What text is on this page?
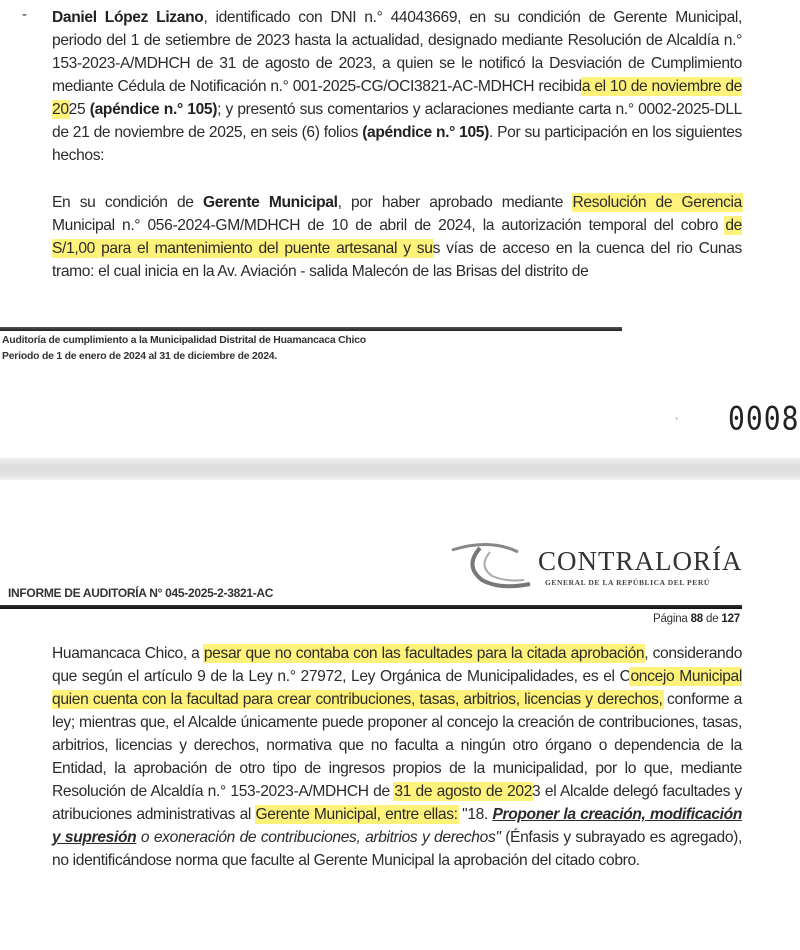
- Daniel López Lizano, identificado con DNI n.° 44043669, en su condición de Gerente Municipal, periodo del 1 de setiembre de 2023 hasta la actualidad, designado mediante Resolución de Alcaldía n.° 153-2023-A/MDHCH de 31 de agosto de 2023, a quien se le notificó la Desviación de Cumplimiento mediante Cédula de Notificación n.° 001-2025-CG/OCI3821-AC-MDHCH recibida el 10 de noviembre de 2025 (apéndice n.° 105); y presentó sus comentarios y aclaraciones mediante carta n.° 0002-2025-DLL de 21 de noviembre de 2025, en seis (6) folios (apéndice n.° 105). Por su participación en los siguientes hechos:
En su condición de Gerente Municipal, por haber aprobado mediante Resolución de Gerencia Municipal n.° 056-2024-GM/MDHCH de 10 de abril de 2024, la autorización temporal del cobro de S/1,00 para el mantenimiento del puente artesanal y sus vías de acceso en la cuenca del rio Cunas tramo: el cual inicia en la Av. Aviación - salida Malecón de las Brisas del distrito de
Auditoría de cumplimiento a la Municipalidad Distrital de Huamancaca Chico
Periodo de 1 de enero de 2024 al 31 de diciembre de 2024.
' 0008
CONTRALORÍA
GENERAL DE LA REPÚBLICA DEL PERÚ
INFORME DE AUDITORÍA N° 045-2025-2-3821-AC
Página 88 de 127
Huamancaca Chico, a pesar que no contaba con las facultades para la citada aprobación, considerando que según el artículo 9 de la Ley n.° 27972, Ley Orgánica de Municipalidades, es el Concejo Municipal quien cuenta con la facultad para crear contribuciones, tasas, arbitrios, licencias y derechos, conforme a ley; mientras que, el Alcalde únicamente puede proponer al concejo la creación de contribuciones, tasas, arbitrios, licencias y derechos, normativa que no faculta a ningún otro órgano o dependencia de la Entidad, la aprobación de otro tipo de ingresos propios de la municipalidad, por lo que, mediante Resolución de Alcaldía n.° 153-2023-A/MDHCH de 31 de agosto de 2023 el Alcalde delegó facultades y atribuciones administrativas al Gerente Municipal, entre ellas: "18. Proponer la creación, modificación y supresión o exoneración de contribuciones, arbitrios y derechos" (Énfasis y subrayado es agregado), no identificándose norma que faculte al Gerente Municipal la aprobación del citado cobro.
